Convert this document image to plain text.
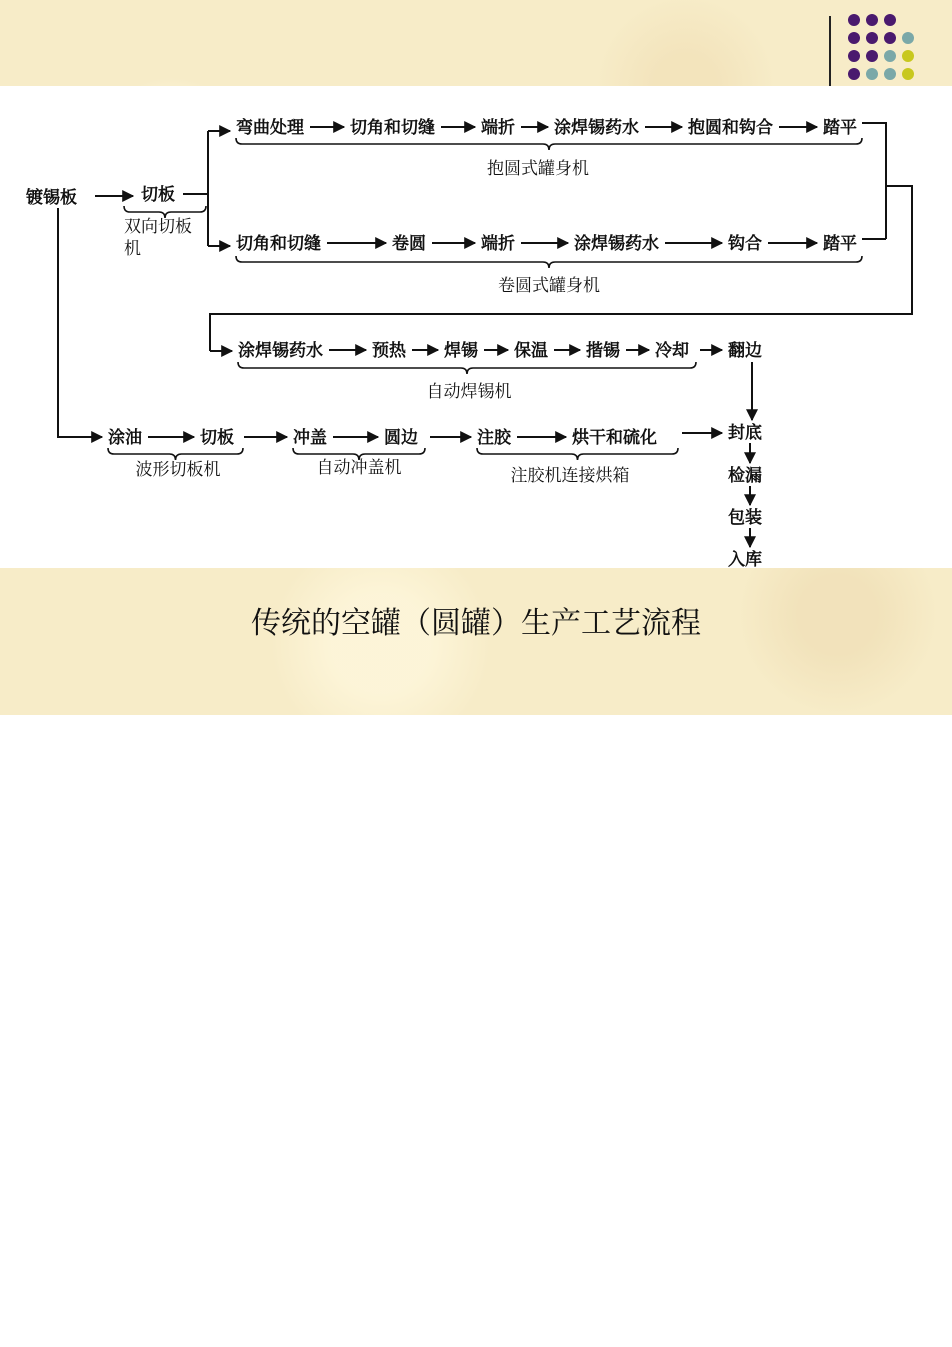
镀锡板	切板
双向切板
机
弯曲处理	切角和切缝	端折 涂焊锡药水	抱圆和钩合	踏平
抱圆式罐身机
切角和切缝	卷圆	端折	涂焊锡药水	钩合	踏平
卷圆式罐身机
涂焊锡药水	预热 焊锡 保温 揩锡 冷却
自动焊锡机
翻边
涂油	切板	冲盖	圆边	注胶	烘干和硫化
波形切板机	自动冲盖机	注胶机连接烘箱
封底
检漏
包装
入库
传统的空罐（圆罐）生产工艺流程
